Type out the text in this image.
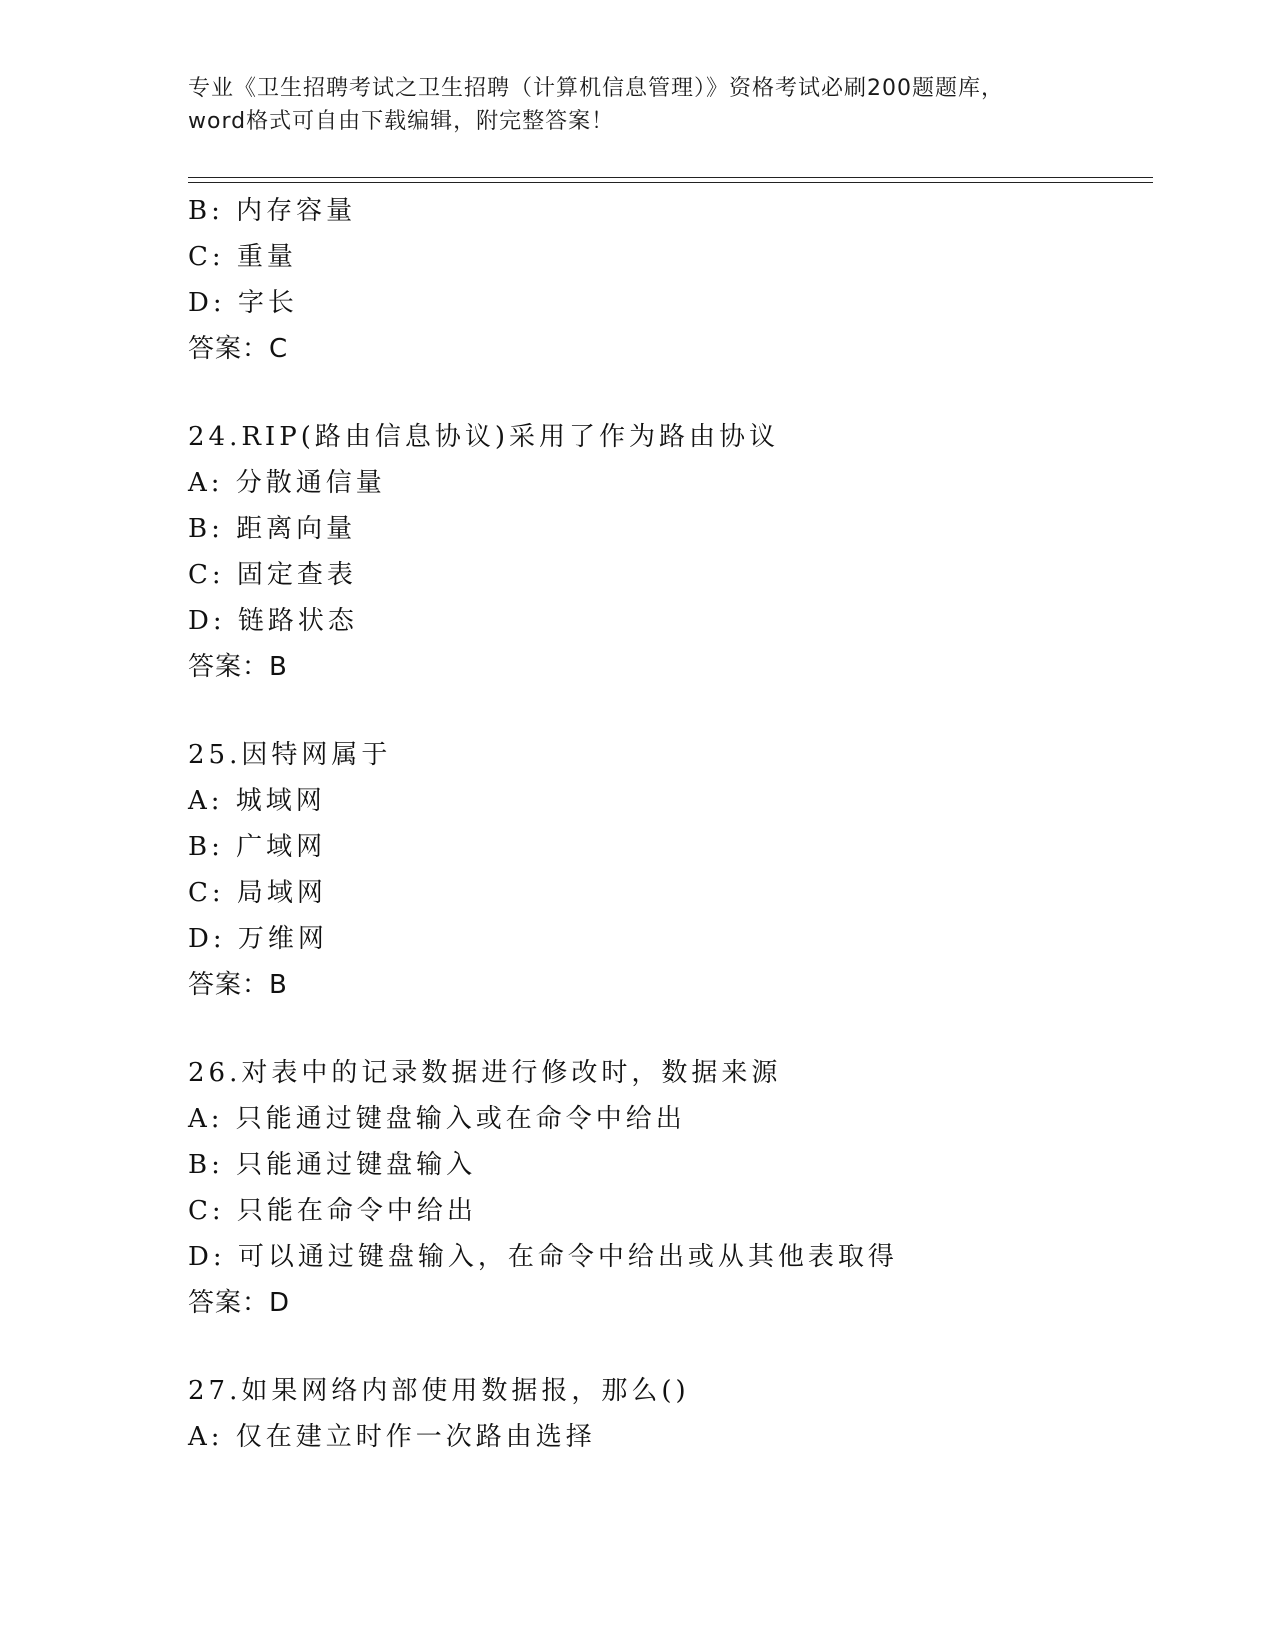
专业《卫生招聘考试之卫生招聘（计算机信息管理）》资格考试必刷200题题库，
word格式可自由下载编辑，附完整答案！
B: 内存容量
C: 重量
D: 字长
答案：C
24.RIP(路由信息协议)采用了作为路由协议
A: 分散通信量
B: 距离向量
C: 固定查表
D: 链路状态
答案：B
25.因特网属于
A: 城域网
B: 广域网
C: 局域网
D: 万维网
答案：B
26.对表中的记录数据进行修改时，数据来源
A: 只能通过键盘输入或在命令中给出
B: 只能通过键盘输入
C: 只能在命令中给出
D: 可以通过键盘输入，在命令中给出或从其他表取得
答案：D
27.如果网络内部使用数据报，那么()
A: 仅在建立时作一次路由选择
